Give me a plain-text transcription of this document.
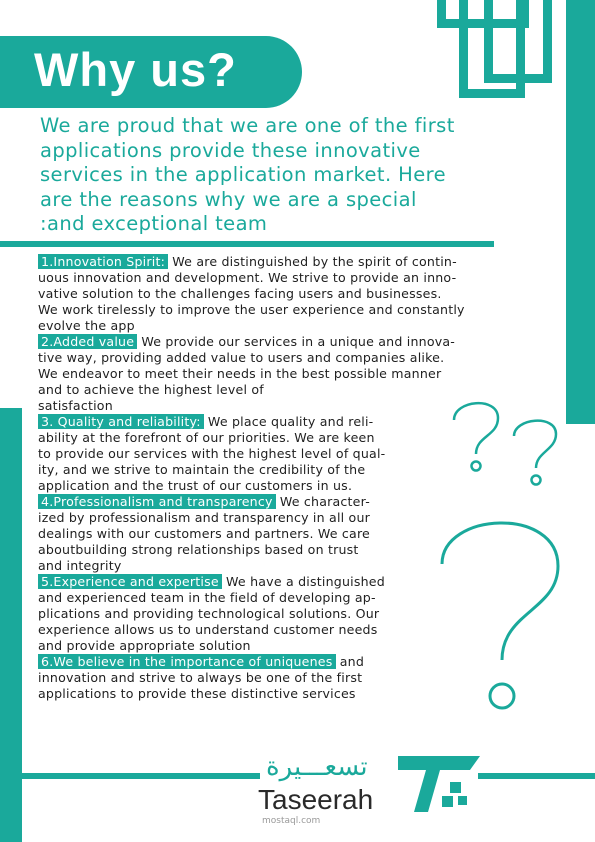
Why us?
We are proud that we are one of the first
applications provide these innovative
services in the application market. Here
are the reasons why we are a special
:and exceptional team
1.Innovation Spirit: We are distinguished by the spirit of contin-
uous innovation and development. We strive to provide an inno-
vative solution to the challenges facing users and businesses.
We work tirelessly to improve the user experience and constantly
evolve the app
2.Added value We provide our services in a unique and innova-
tive way, providing added value to users and companies alike.
We endeavor to meet their needs in the best possible manner
and to achieve the highest level of
satisfaction
3. Quality and reliability: We place quality and reli-
ability at the forefront of our priorities. We are keen
to provide our services with the highest level of qual-
ity, and we strive to maintain the credibility of the
application and the trust of our customers in us.
4.Professionalism and transparency We character-
ized by professionalism and transparency in all our
dealings with our customers and partners. We care
aboutbuilding strong relationships based on trust
and integrity
5.Experience and expertise We have a distinguished
and experienced team in the field of developing ap-
plications and providing technological solutions. Our
experience allows us to understand customer needs
and provide appropriate solution
6.We believe in the importance of uniquenes and
innovation and strive to always be one of the first
applications to provide these distinctive services
تسعـــيرة
Taseerah
mostaql.com
